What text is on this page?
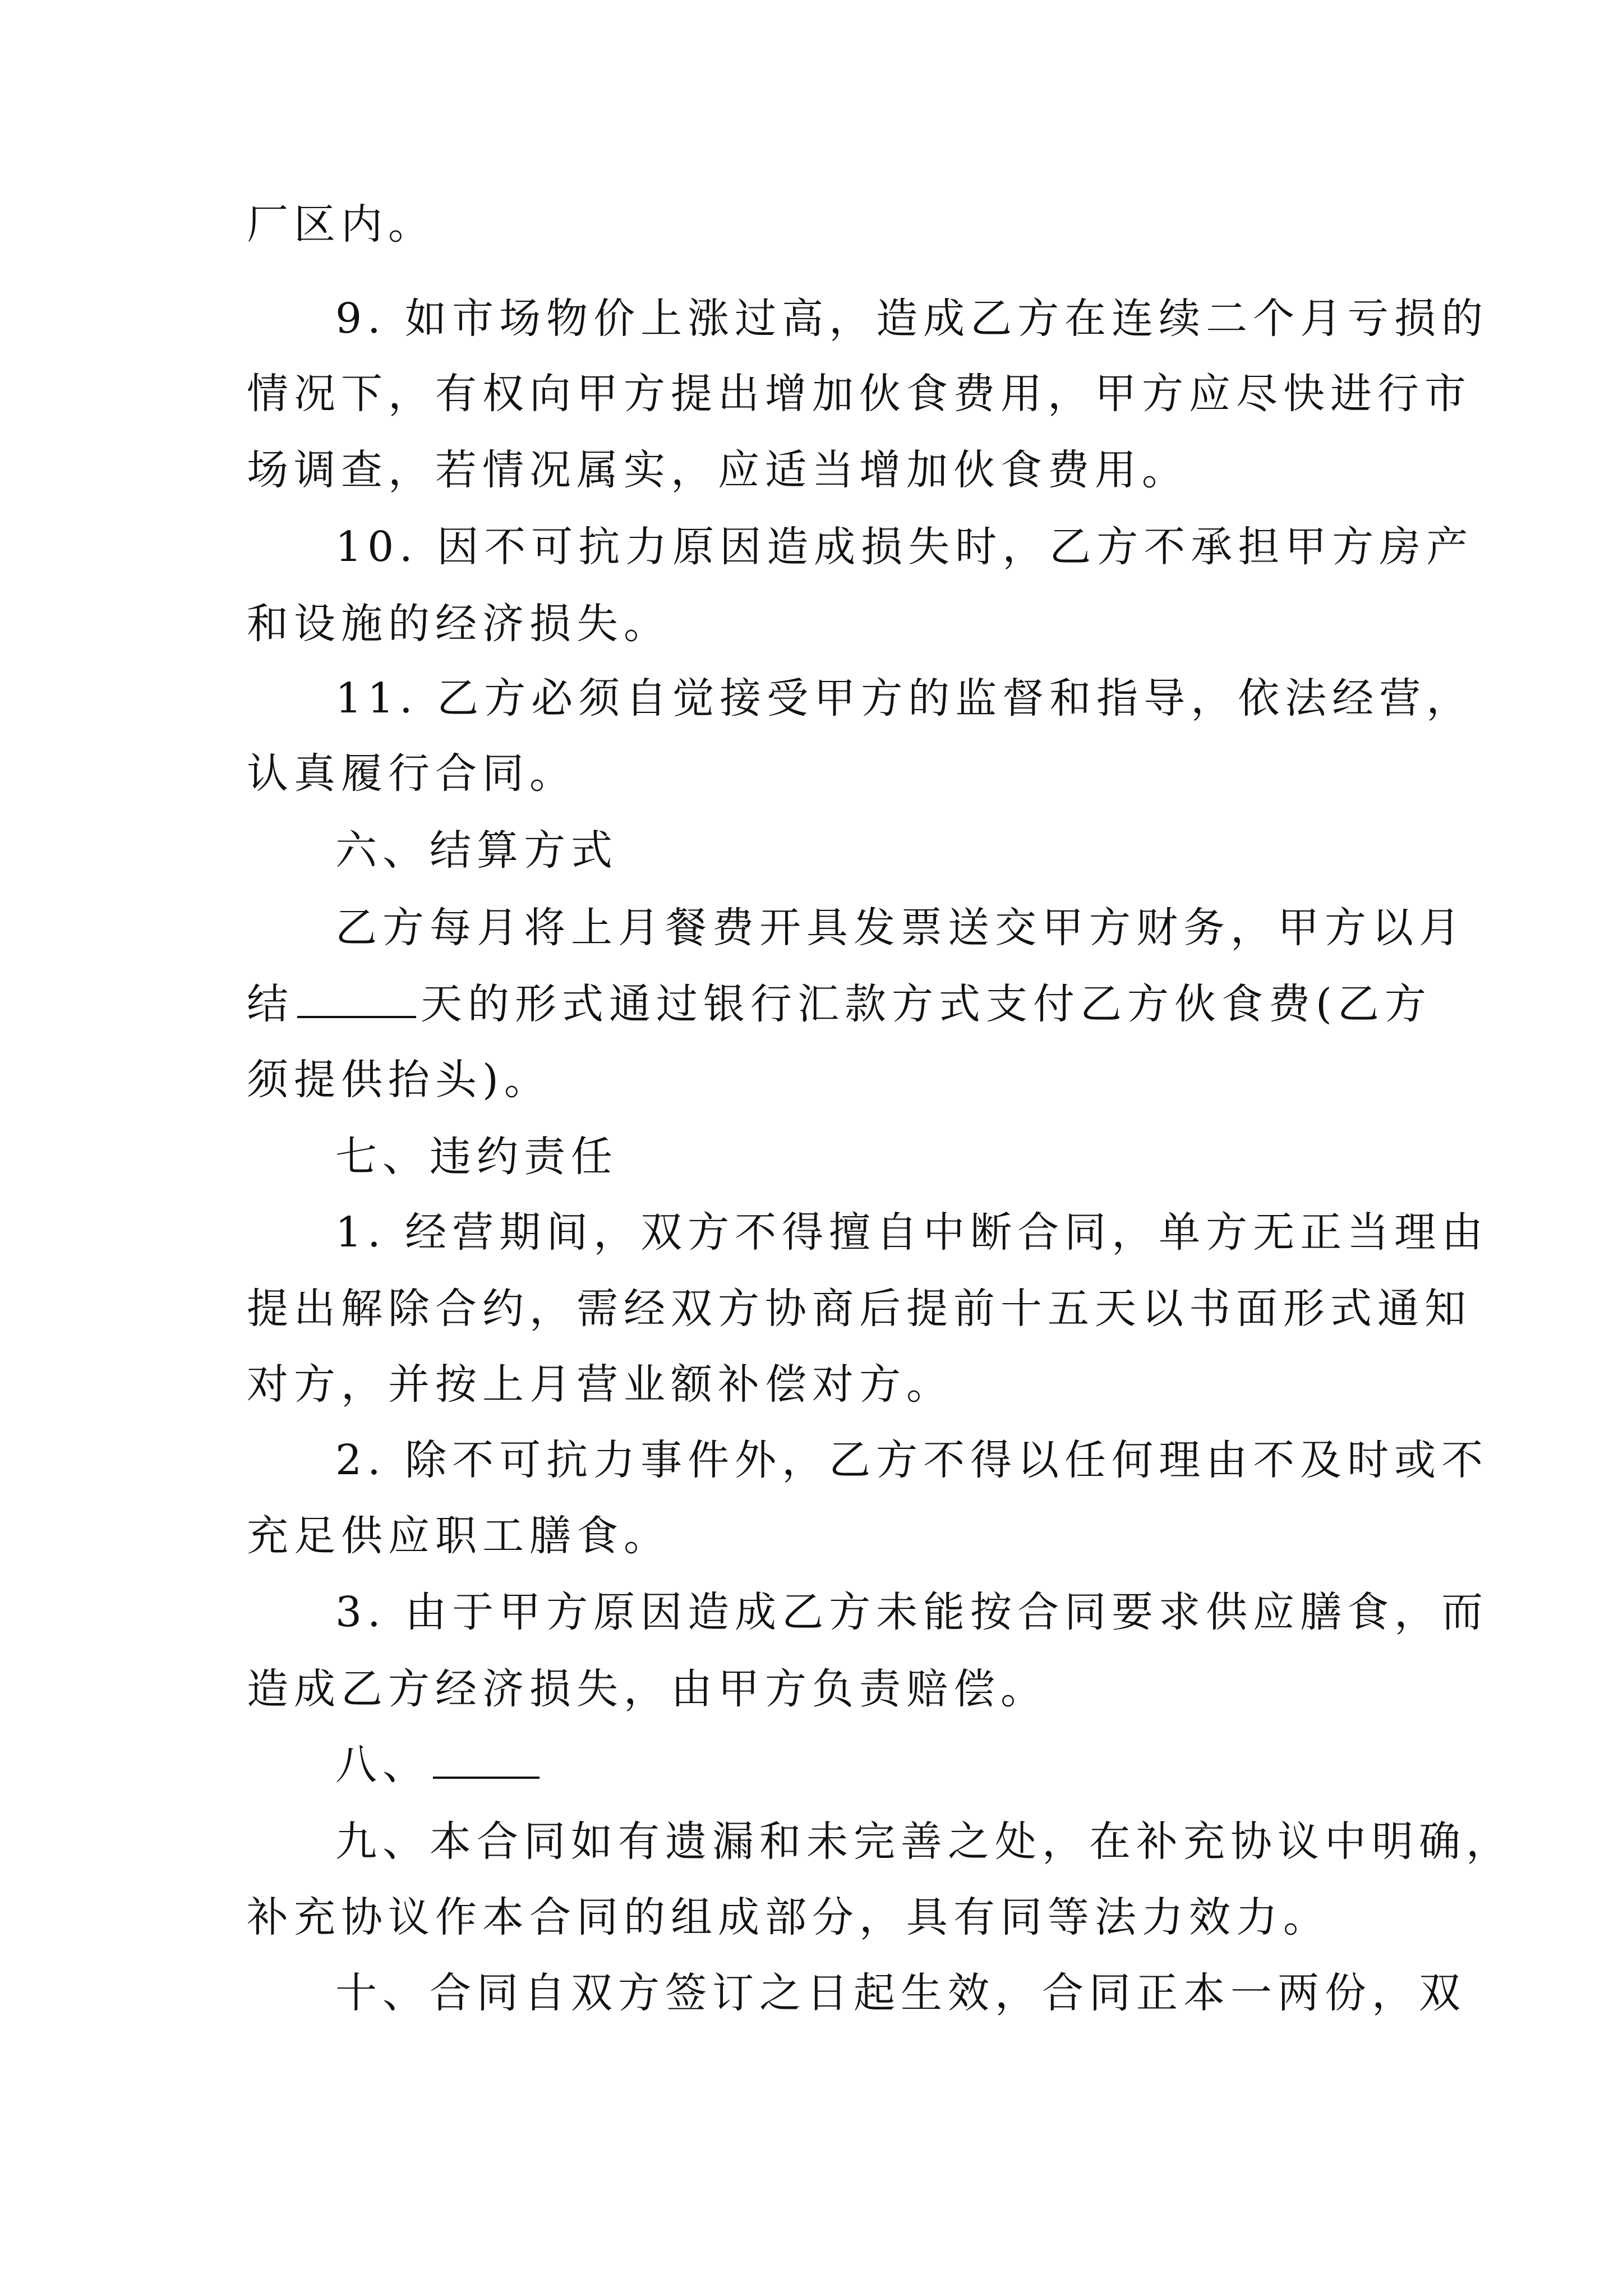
厂区内。
9. 如市场物价上涨过高，造成乙方在连续二个月亏损的
情况下，有权向甲方提出增加伙食费用，甲方应尽快进行市
场调查，若情况属实，应适当增加伙食费用。
10. 因不可抗力原因造成损失时，乙方不承担甲方房产
和设施的经济损失。
11. 乙方必须自觉接受甲方的监督和指导，依法经营，
认真履行合同。
六、结算方式
乙方每月将上月餐费开具发票送交甲方财务，甲方以月
结	天的形式通过银行汇款方式支付乙方伙食费(乙方
须提供抬头)。
七、违约责任
1. 经营期间，双方不得擅自中断合同，单方无正当理由
提出解除合约，需经双方协商后提前十五天以书面形式通知
对方，并按上月营业额补偿对方。
2. 除不可抗力事件外，乙方不得以任何理由不及时或不
充足供应职工膳食。
3. 由于甲方原因造成乙方未能按合同要求供应膳食，而
造成乙方经济损失，由甲方负责赔偿。
八、
九、本合同如有遗漏和未完善之处，在补充协议中明确，
补充协议作本合同的组成部分，具有同等法力效力。
十、合同自双方签订之日起生效，合同正本一两份，双
